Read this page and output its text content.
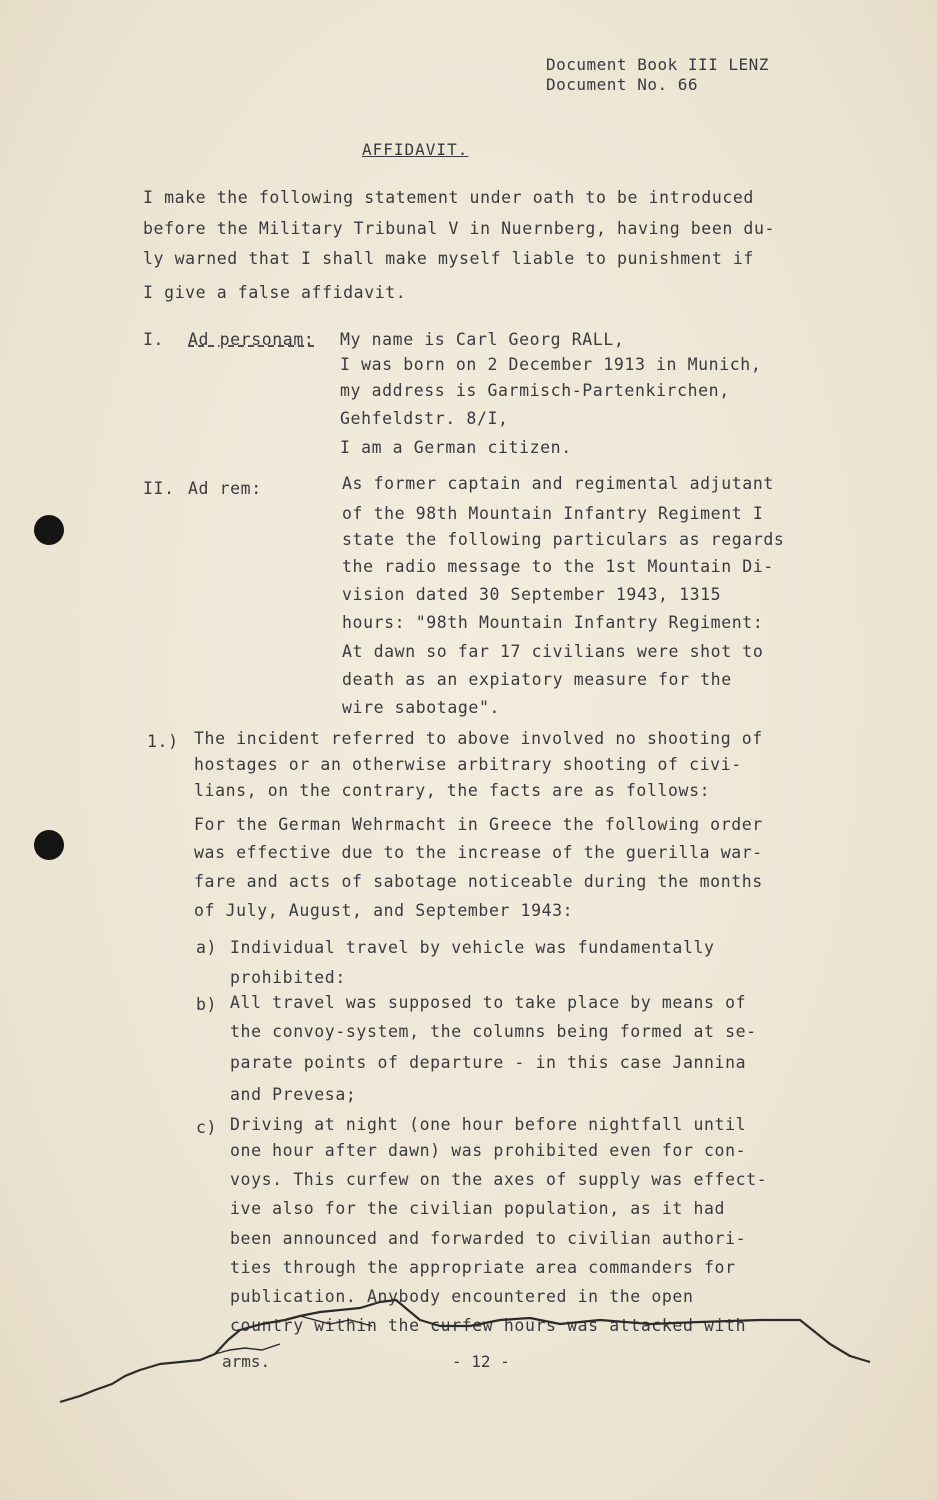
Document Book III LENZ
Document No. 66
AFFIDAVIT.
I make the following statement under oath to be introduced
before the Military Tribunal V in Nuernberg, having been du-
ly warned that I shall make myself liable to punishment if
I give a false affidavit.
I. Ad personam: My name is Carl Georg RALL,
I was born on 2 December 1913 in Munich,
my address is Garmisch-Partenkirchen,
Gehfeldstr. 8/I,
I am a German citizen.
II. Ad rem:	As former captain and regimental adjutant
of the 98th Mountain Infantry Regiment I
state the following particulars as regards
the radio message to the 1st Mountain Di-
vision dated 30 September 1943, 1315
hours: "98th Mountain Infantry Regiment:
At dawn so far 17 civilians were shot to
death as an expiatory measure for the
wire sabotage".
1.) The incident referred to above involved no shooting of
hostages or an otherwise arbitrary shooting of civi-
lians, on the contrary, the facts are as follows:
For the German Wehrmacht in Greece the following order
was effective due to the increase of the guerilla war-
fare and acts of sabotage noticeable during the months
of July, August, and September 1943:
a) Individual travel by vehicle was fundamentally
prohibited:
b) All travel was supposed to take place by means of
the convoy-system, the columns being formed at se-
parate points of departure - in this case Jannina
and Prevesa;
c) Driving at night (one hour before nightfall until
one hour after dawn) was prohibited even for con-
voys. This curfew on the axes of supply was effect-
ive also for the civilian population, as it had
been announced and forwarded to civilian authori-
ties through the appropriate area commanders for
publication. Anybody encountered in the open
country within the curfew hours was attacked with
arms.	- 12 -
